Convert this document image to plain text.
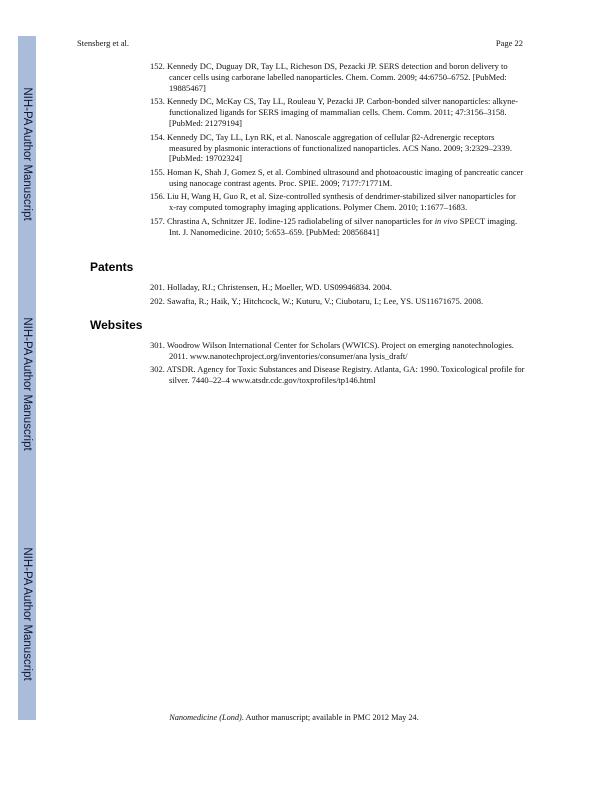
NIH-PA Author Manuscript
NIH-PA Author Manuscript
NIH-PA Author Manuscript
Stensberg et al.	Page 22
152. Kennedy DC, Duguay DR, Tay LL, Richeson DS, Pezacki JP. SERS detection and boron delivery to cancer cells using carborane labelled nanoparticles. Chem. Comm. 2009; 44:6750–6752. [PubMed: 19885467]
153. Kennedy DC, McKay CS, Tay LL, Rouleau Y, Pezacki JP. Carbon-bonded silver nanoparticles: alkyne-functionalized ligands for SERS imaging of mammalian cells. Chem. Comm. 2011; 47:3156–3158. [PubMed: 21279194]
154. Kennedy DC, Tay LL, Lyn RK, et al. Nanoscale aggregation of cellular β2-Adrenergic receptors measured by plasmonic interactions of functionalized nanoparticles. ACS Nano. 2009; 3:2329–2339. [PubMed: 19702324]
155. Homan K, Shah J, Gomez S, et al. Combined ultrasound and photoacoustic imaging of pancreatic cancer using nanocage contrast agents. Proc. SPIE. 2009; 7177:71771M.
156. Liu H, Wang H, Guo R, et al. Size-controlled synthesis of dendrimer-stabilized silver nanoparticles for x-ray computed tomography imaging applications. Polymer Chem. 2010; 1:1677–1683.
157. Chrastina A, Schnitzer JE. Iodine-125 radiolabeling of silver nanoparticles for in vivo SPECT imaging. Int. J. Nanomedicine. 2010; 5:653–659. [PubMed: 20856841]
Patents
201. Holladay, RJ.; Christensen, H.; Moeller, WD. US09946834. 2004.
202. Sawafta, R.; Haik, Y.; Hitchcock, W.; Kuturu, V.; Ciubotaru, I.; Lee, YS. US11671675. 2008.
Websites
301. Woodrow Wilson International Center for Scholars (WWICS). Project on emerging nanotechnologies. 2011. www.nanotechproject.org/inventories/consumer/ana lysis_draft/
302. ATSDR. Agency for Toxic Substances and Disease Registry. Atlanta, GA: 1990. Toxicological profile for silver. 7440–22–4 www.atsdr.cdc.gov/toxprofiles/tp146.html
Nanomedicine (Lond). Author manuscript; available in PMC 2012 May 24.
